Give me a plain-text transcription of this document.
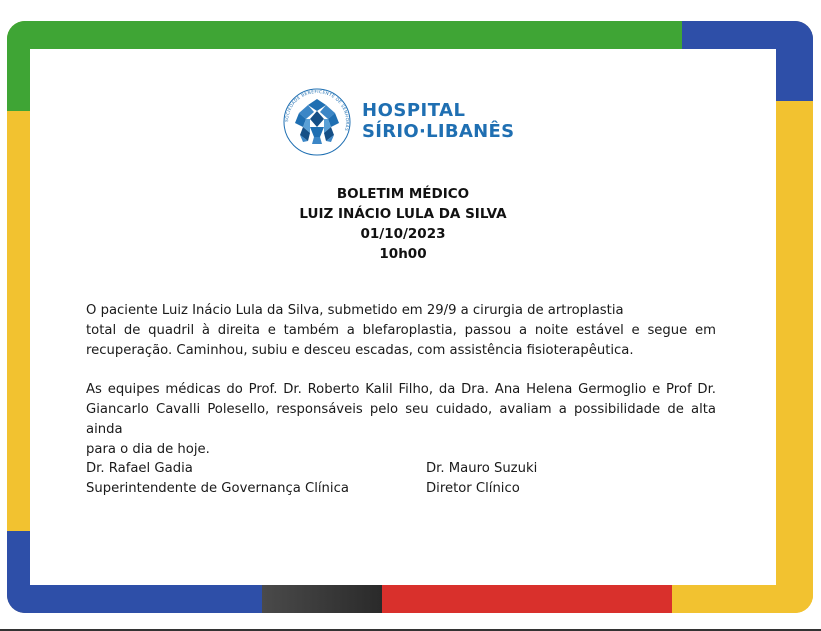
SOCIEDADE BENEFICENTE DE SENHORAS
HOSPITAL
SÍRIO·LIBANÊS
BOLETIM MÉDICO
LUIZ INÁCIO LULA DA SILVA
01/10/2023
10h00
O paciente Luiz Inácio Lula da Silva, submetido em 29/9 a cirurgia de artroplastia
total de quadril à direita e também a blefaroplastia, passou a noite estável e segue em
recuperação. Caminhou, subiu e desceu escadas, com assistência fisioterapêutica.
As equipes médicas do Prof. Dr. Roberto Kalil Filho, da Dra. Ana Helena Germoglio e Prof Dr.
Giancarlo Cavalli Polesello, responsáveis pelo seu cuidado, avaliam a possibilidade de alta ainda
para o dia de hoje.
Dr. Rafael Gadia
Superintendente de Governança Clínica
Dr. Mauro Suzuki
Diretor Clínico
